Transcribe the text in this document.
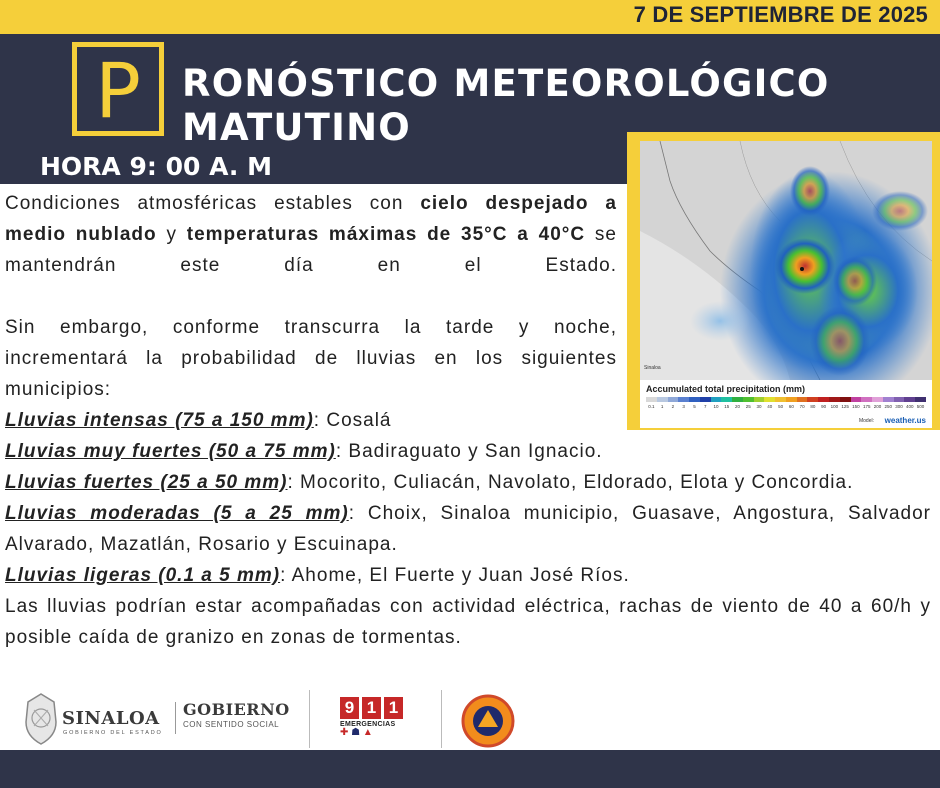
7 DE SEPTIEMBRE DE 2025
P	RONÓSTICO METEOROLÓGICO
MATUTINO
HORA 9: 00 A. M
Sinaloa
Accumulated total precipitation (mm)
0.1	1	2	3	5	7	10	15	20	25	30	40	50	60	70	80	90	100 125 150 175 200 250 300 400 500
Model: weather.us

Condiciones atmosféricas estables con cielo despejado a medio nublado y temperaturas máximas de 35°C a 40°C se mantendrán este día en el Estado.

Sin embargo, conforme transcurra la tarde y noche, incrementará la probabilidad de lluvias en los siguientes municipios:

Lluvias intensas (75 a 150 mm): Cosalá

Lluvias muy fuertes (50 a 75 mm): Badiraguato y San Ignacio.

Lluvias fuertes (25 a 50 mm): Mocorito, Culiacán, Navolato, Eldorado, Elota y Concordia.

Lluvias moderadas (5 a 25 mm): Choix, Sinaloa municipio, Guasave, Angostura, Salvador Alvarado, Mazatlán, Rosario y Escuinapa.

Lluvias ligeras (0.1 a 5 mm): Ahome, El Fuerte y Juan José Ríos.

Las lluvias podrían estar acompañadas con actividad eléctrica, rachas de viento de 40 a 60/h y posible caída de granizo en zonas de tormentas.

SINALOA
GOBIERNO DEL ESTADO
GOBIERNO
CON SENTIDO SOCIAL
9 1 1
EMERGENCIAS
✚ ☗ ▲
